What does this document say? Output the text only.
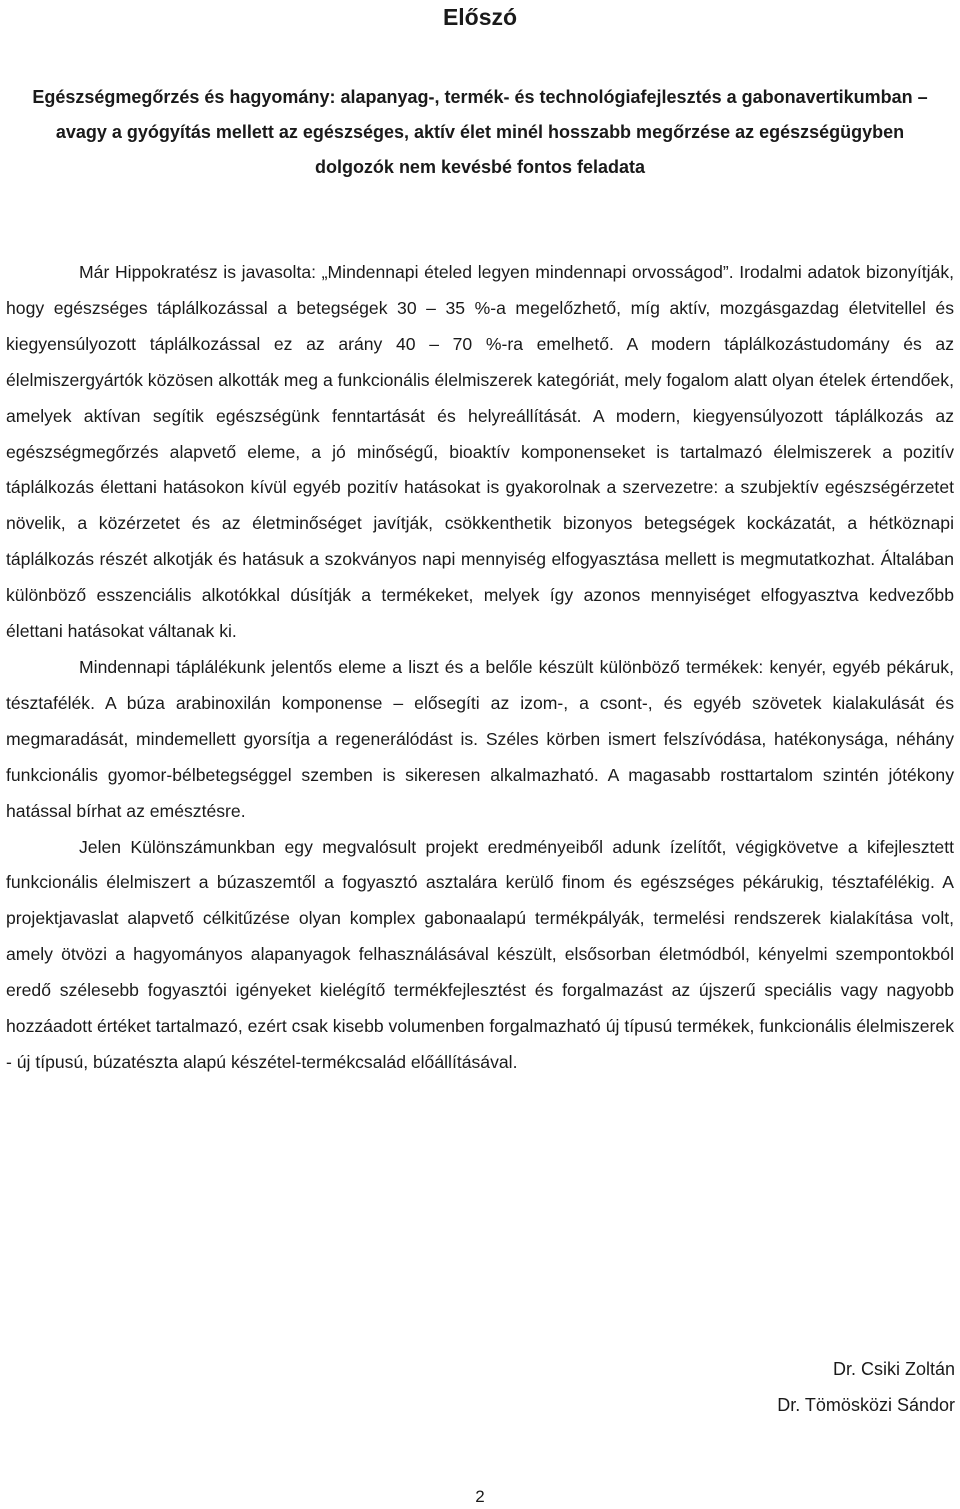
Előszó
Egészségmegőrzés és hagyomány: alapanyag-, termék- és technológiafejlesztés a gabonavertikumban – avagy a gyógyítás mellett az egészséges, aktív élet minél hosszabb megőrzése az egészségügyben dolgozók nem kevésbé fontos feladata

Már Hippokratész is javasolta: „Mindennapi ételed legyen mindennapi orvosságod”. Irodalmi adatok bizonyítják, hogy egészséges táplálkozással a betegségek 30 – 35 %-a megelőzhető, míg aktív, mozgásgazdag életvitellel és kiegyensúlyozott táplálkozással ez az arány 40 – 70 %-ra emelhető. A modern táplálkozástudomány és az élelmiszergyártók közösen alkották meg a funkcionális élelmiszerek kategóriát, mely fogalom alatt olyan ételek értendőek, amelyek aktívan segítik egészségünk fenntartását és helyreállítását. A modern, kiegyensúlyozott táplálkozás az egészségmegőrzés alapvető eleme, a jó minőségű, bioaktív komponenseket is tartalmazó élelmiszerek a pozitív táplálkozás élettani hatásokon kívül egyéb pozitív hatásokat is gyakorolnak a szervezetre: a szubjektív egészségérzetet növelik, a közérzetet és az életminőséget javítják, csökkenthetik bizonyos betegségek kockázatát, a hétköznapi táplálkozás részét alkotják és hatásuk a szokványos napi mennyiség elfogyasztása mellett is megmutatkozhat. Általában különböző esszenciális alkotókkal dúsítják a termékeket, melyek így azonos mennyiséget elfogyasztva kedvezőbb élettani hatásokat váltanak ki.

Mindennapi táplálékunk jelentős eleme a liszt és a belőle készült különböző termékek: kenyér, egyéb pékáruk, tésztafélék. A búza arabinoxilán komponense – elősegíti az izom-, a csont-, és egyéb szövetek kialakulását és megmaradását, mindemellett gyorsítja a regenerálódást is. Széles körben ismert felszívódása, hatékonysága, néhány funkcionális gyomor-bélbetegséggel szemben is sikeresen alkalmazható. A magasabb rosttartalom szintén jótékony hatással bírhat az emésztésre.

Jelen Különszámunkban egy megvalósult projekt eredményeiből adunk ízelítőt, végigkövetve a kifejlesztett funkcionális élelmiszert a búzaszemtől a fogyasztó asztalára kerülő finom és egészséges pékárukig, tésztafélékig. A projektjavaslat alapvető célkitűzése olyan komplex gabonaalapú termékpályák, termelési rendszerek kialakítása volt, amely ötvözi a hagyományos alapanyagok felhasználásával készült, elsősorban életmódból, kényelmi szempontokból eredő szélesebb fogyasztói igényeket kielégítő termékfejlesztést és forgalmazást az újszerű speciális vagy nagyobb hozzáadott értéket tartalmazó, ezért csak kisebb volumenben forgalmazható új típusú termékek, funkcionális élelmiszerek - új típusú, búzatészta alapú készétel-termékcsalád előállításával.

Dr. Csiki Zoltán
Dr. Tömösközi Sándor
2
